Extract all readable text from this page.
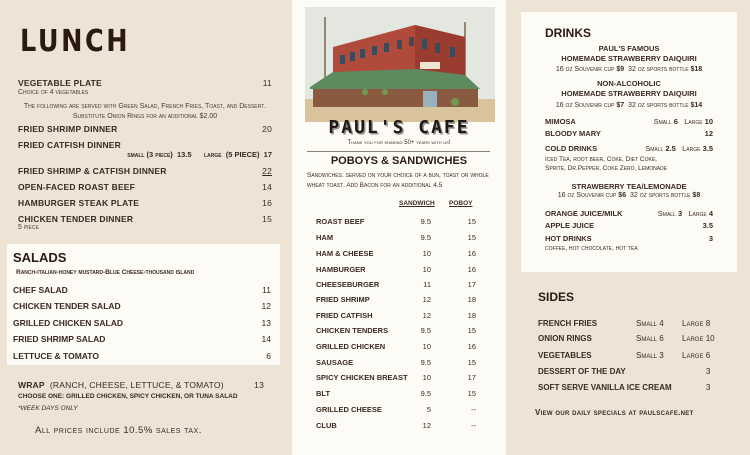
LUNCH
VEGETABLE PLATE	11
Choice of 4 vegetables
The following are served with Green Salad, French Fries, Toast, and Dessert. Substitute Onion Rings for an additional $2.00
FRIED SHRIMP DINNER	20
FRIED CATFISH DINNER
small (3 piece)  13.5      large  (5 PIECE)  17
FRIED SHRIMP & CATFISH DINNER	22
OPEN-FACED ROAST BEEF	14
HAMBURGER STEAK PLATE	16
CHICKEN TENDER DINNER	15
5 piece
SALADS
Ranch-italian-honey mustard-Blue Cheese-thousand island
CHEF SALAD	11
CHICKEN TENDER SALAD	12
GRILLED CHICKEN SALAD	13
FRIED SHRIMP SALAD	14
LETTUCE & TOMATO	6
WRAP (RANCH, CHEESE, LETTUCE, & TOMATO)	13
CHOOSE ONE: GRILLED CHICKEN, SPICY CHICKEN, OR TUNA SALAD
*WEEK DAYS ONLY
All prices include 10.5% sales tax.
PAUL'S CAFE
Thank you for sharing 50+ years with us!
POBOYS & SANDWICHES
Sandwiches: served on your choice of a bun, toast or whole wheat toast. Add Bacon for an additional 4.5
SANDWICH POBOY
ROAST BEEF	9.5	15
HAM	9.5	15
HAM & CHEESE	10	16
HAMBURGER	10	16
CHEESEBURGER	11	17
FRIED SHRIMP	12	18
FRIED CATFISH	12	18
CHICKEN TENDERS	9.5	15
GRILLED CHICKEN	10	16
SAUSAGE	9.5	15
SPICY CHICKEN BREAST	10	17
BLT	9.5	15
GRILLED CHEESE	5	--
CLUB	12	--
DRINKS
PAUL'S FAMOUS
HOMEMADE STRAWBERRY DAIQUIRI
16 oz Souvenir cup $9 32 oz sports bottle $18
NON-ALCOHOLIC
HOMEMADE STRAWBERRY DAIQUIRI
16 oz Souvenir cup $7 32 oz sports bottle $14
MIMOSA	Small 6 Large 10
BLOODY MARY	12
COLD DRINKS	Small 2.5 Large 3.5
Iced Tea, root beer, Coke, Diet Coke,
Sprite, Dr.Pepper, Coke Zero, Lemonade
STRAWBERRY TEA/LEMONADE
16 oz Souvenir cup $6 32 oz sports bottle $8
ORANGE JUICE/MILK	Small 3 Large 4
APPLE JUICE	3.5
HOT DRINKS	3
coffee, hot chocolate, hot tea
SIDES
FRENCH FRIES	Small 4 Large 8
ONION RINGS	Small 6 Large 10
VEGETABLES	Small 3 Large 6
DESSERT OF THE DAY	3
SOFT SERVE VANILLA ICE CREAM	3
View our daily specials at paulscafe.net
